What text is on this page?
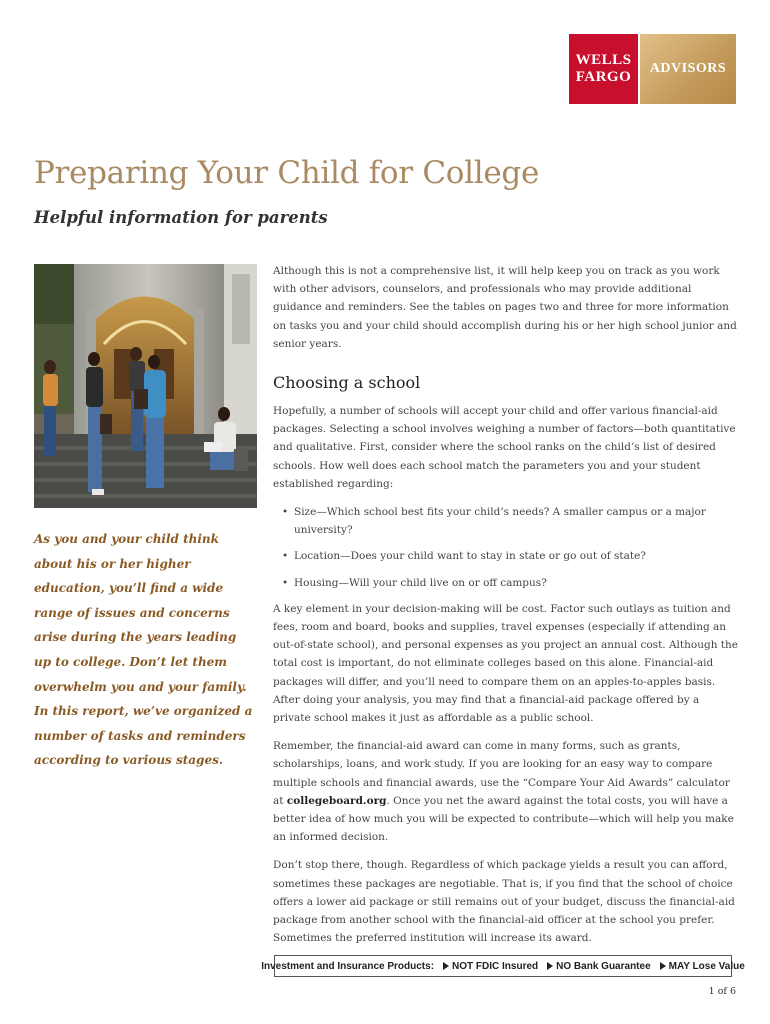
WELLS
FARGO
ADVISORS
Preparing Your Child for College
Helpful information for parents

As you and your child think about his or her higher education, you’ll find a wide range of issues and concerns arise during the years leading up to college. Don’t let them overwhelm you and your family.

In this report, we’ve organized a number of tasks and reminders according to various stages.

Although this is not a comprehensive list, it will help keep you on track as you work with other advisors, counselors, and professionals who may provide additional guidance and reminders. See the tables on pages two and three for more information on tasks you and your child should accomplish during his or her high school junior and senior years.

Choosing a school

Hopefully, a number of schools will accept your child and offer various financial-aid packages. Selecting a school involves weighing a number of factors—both quantitative and qualitative. First, consider where the school ranks on the child’s list of desired schools. How well does each school match the parameters you and your student established regarding:

• Size—Which school best fits your child’s needs? A smaller campus or a major university?
• Location—Does your child want to stay in state or go out of state?
• Housing—Will your child live on or off campus?

A key element in your decision-making will be cost. Factor such outlays as tuition and fees, room and board, books and supplies, travel expenses (especially if attending an out-of-state school), and personal expenses as you project an annual cost. Although the total cost is important, do not eliminate colleges based on this alone. Financial-aid packages will differ, and you’ll need to compare them on an apples-to-apples basis. After doing your analysis, you may find that a financial-aid package offered by a private school makes it just as affordable as a public school.

Remember, the financial-aid award can come in many forms, such as grants, scholarships, loans, and work study. If you are looking for an easy way to compare multiple schools and financial awards, use the “Compare Your Aid Awards” calculator at collegeboard.org. Once you net the award against the total costs, you will have a better idea of how much you will be expected to contribute—which will help you make an informed decision.

Don’t stop there, though. Regardless of which package yields a result you can afford, sometimes these packages are negotiable. That is, if you find that the school of choice offers a lower aid package or still remains out of your budget, discuss the financial-aid package from another school with the financial-aid officer at the school you prefer. Sometimes the preferred institution will increase its award.

Investment and Insurance Products: NOT FDIC Insured NO Bank Guarantee MAY Lose Value
1 of 6
